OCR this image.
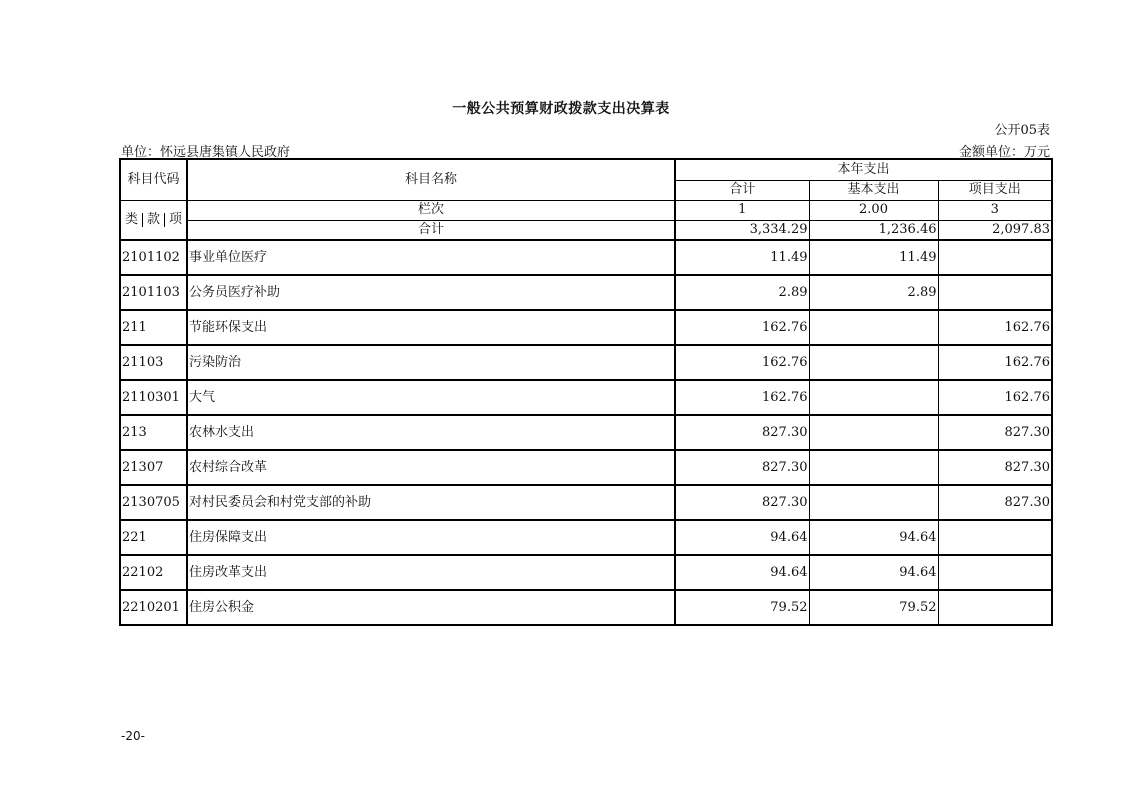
一般公共预算财政拨款支出决算表
公开05表
单位：怀远县唐集镇人民政府	金额单位：万元
科目代码	科目名称	本年支出		
		合计	基本支出	项目支出

类 款 项	栏次	1	2.00	3
	合计	3,334.29	1,236.46	2,097.83
2101102	事业单位医疗	11.49	11.49	
2101103	公务员医疗补助	2.89	2.89	
211	节能环保支出	162.76		162.76
21103	污染防治	162.76		162.76
2110301	大气	162.76		162.76
213	农林水支出	827.30		827.30
21307	农村综合改革	827.30		827.30
2130705	对村民委员会和村党支部的补助	827.30		827.30
221	住房保障支出	94.64	94.64	
22102	住房改革支出	94.64	94.64	
2210201	住房公积金	79.52	79.52	
-20-
